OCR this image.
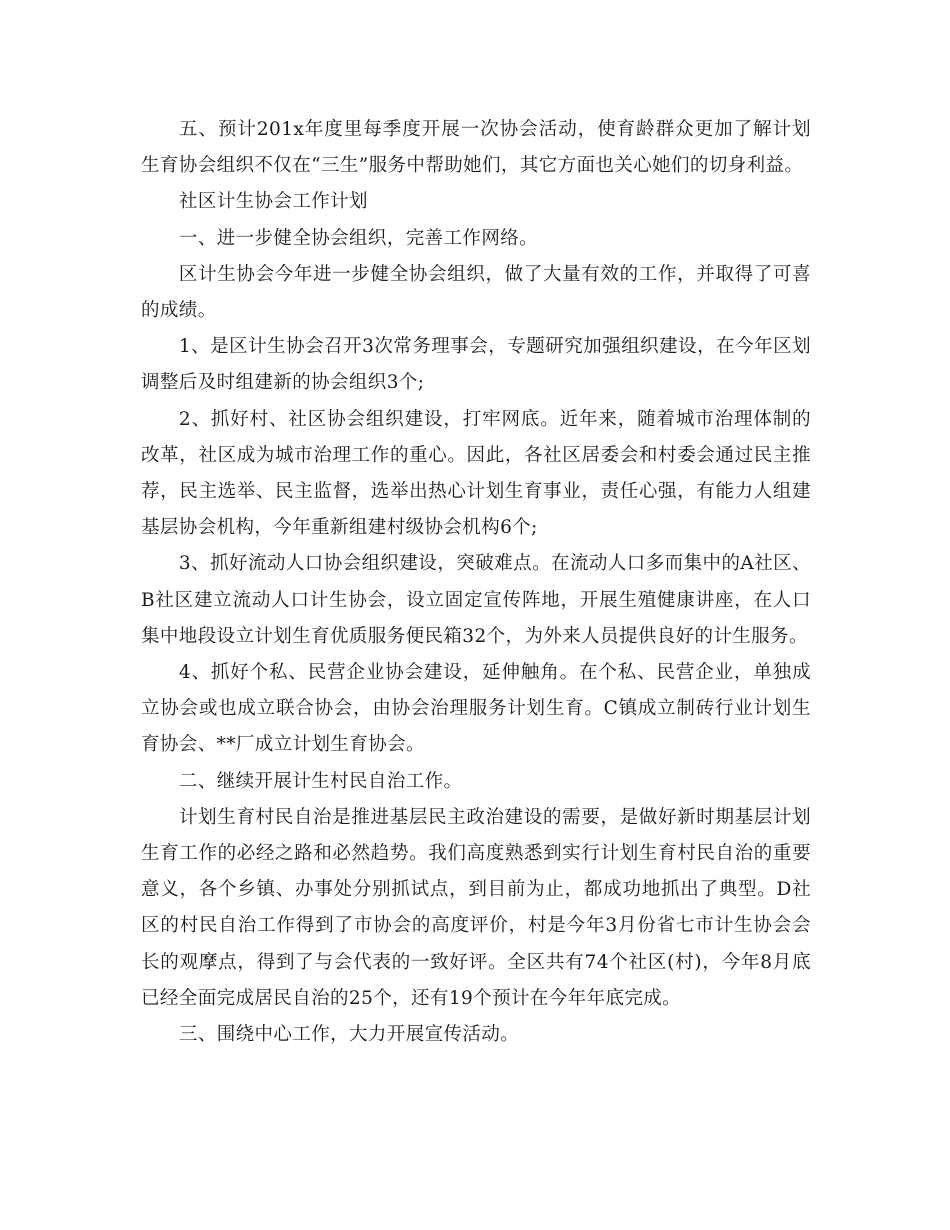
五、预计201x年度里每季度开展一次协会活动，使育龄群众更加了解计划生育协会组织不仅在“三生”服务中帮助她们，其它方面也关心她们的切身利益。

社区计生协会工作计划

一、进一步健全协会组织，完善工作网络。

区计生协会今年进一步健全协会组织，做了大量有效的工作，并取得了可喜的成绩。

1、是区计生协会召开3次常务理事会，专题研究加强组织建设，在今年区划调整后及时组建新的协会组织3个;

2、抓好村、社区协会组织建设，打牢网底。近年来，随着城市治理体制的改革，社区成为城市治理工作的重心。因此，各社区居委会和村委会通过民主推荐，民主选举、民主监督，选举出热心计划生育事业，责任心强，有能力人组建基层协会机构，今年重新组建村级协会机构6个;

3、抓好流动人口协会组织建设，突破难点。在流动人口多而集中的A社区、B社区建立流动人口计生协会，设立固定宣传阵地，开展生殖健康讲座，在人口集中地段设立计划生育优质服务便民箱32个，为外来人员提供良好的计生服务。

4、抓好个私、民营企业协会建设，延伸触角。在个私、民营企业，单独成立协会或也成立联合协会，由协会治理服务计划生育。C镇成立制砖行业计划生育协会、**厂成立计划生育协会。

二、继续开展计生村民自治工作。

计划生育村民自治是推进基层民主政治建设的需要，是做好新时期基层计划生育工作的必经之路和必然趋势。我们高度熟悉到实行计划生育村民自治的重要意义，各个乡镇、办事处分别抓试点，到目前为止，都成功地抓出了典型。D社区的村民自治工作得到了市协会的高度评价，村是今年3月份省七市计生协会会长的观摩点，得到了与会代表的一致好评。全区共有74个社区(村)，今年8月底已经全面完成居民自治的25个，还有19个预计在今年年底完成。

三、围绕中心工作，大力开展宣传活动。
